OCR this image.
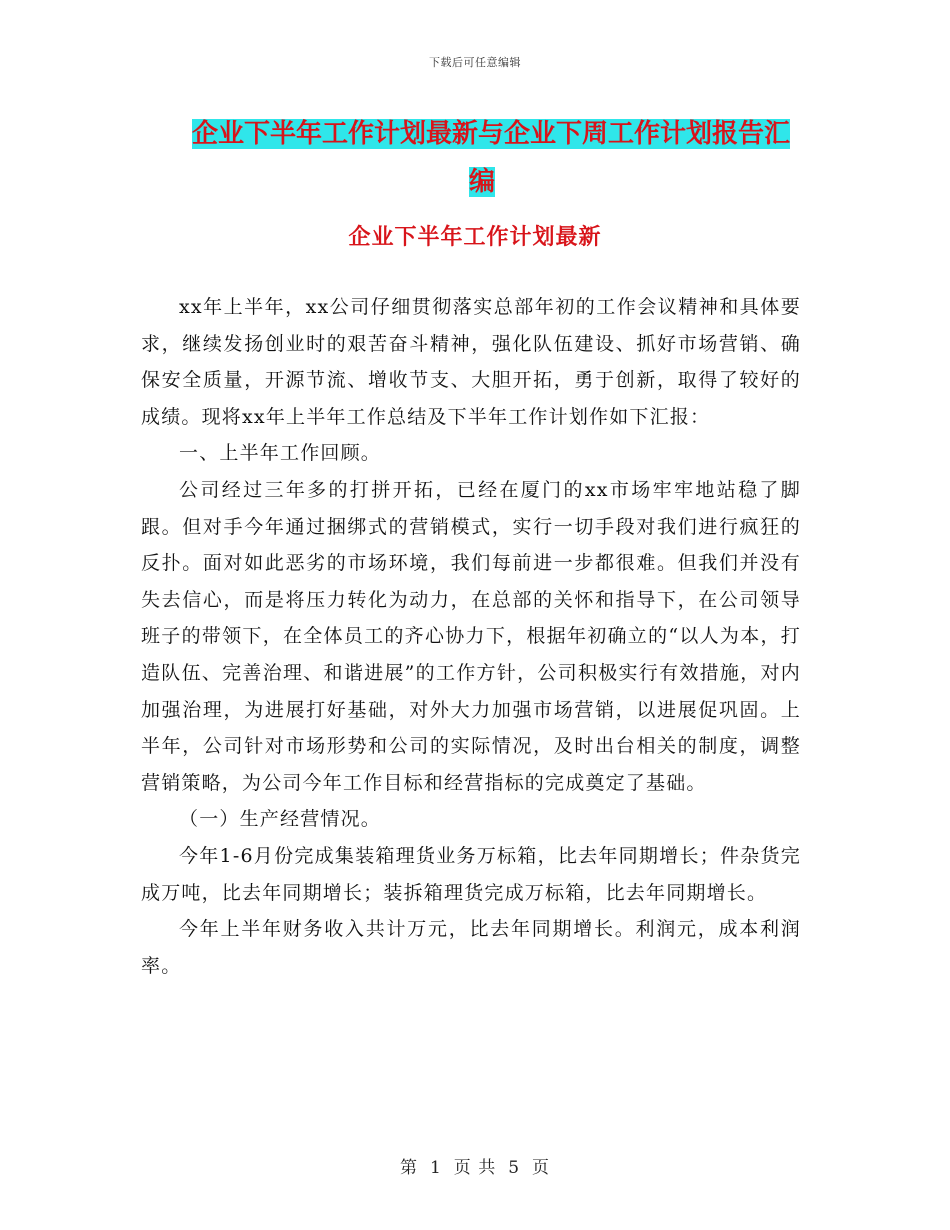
下载后可任意编辑
企业下半年工作计划最新与企业下周工作计划报告汇
编
企业下半年工作计划最新

xx年上半年，xx公司仔细贯彻落实总部年初的工作会议精神和具体要求，继续发扬创业时的艰苦奋斗精神，强化队伍建设、抓好市场营销、确保安全质量，开源节流、增收节支、大胆开拓，勇于创新，取得了较好的成绩。现将xx年上半年工作总结及下半年工作计划作如下汇报：

一、上半年工作回顾。

公司经过三年多的打拼开拓，已经在厦门的xx市场牢牢地站稳了脚跟。但对手今年通过捆绑式的营销模式，实行一切手段对我们进行疯狂的反扑。面对如此恶劣的市场环境，我们每前进一步都很难。但我们并没有失去信心，而是将压力转化为动力，在总部的关怀和指导下，在公司领导班子的带领下，在全体员工的齐心协力下，根据年初确立的“以人为本，打造队伍、完善治理、和谐进展”的工作方针，公司积极实行有效措施，对内加强治理，为进展打好基础，对外大力加强市场营销，以进展促巩固。上半年，公司针对市场形势和公司的实际情况，及时出台相关的制度，调整营销策略，为公司今年工作目标和经营指标的完成奠定了基础。

（一）生产经营情况。

今年1-6月份完成集装箱理货业务万标箱，比去年同期增长；件杂货完成万吨，比去年同期增长；装拆箱理货完成万标箱，比去年同期增长。

今年上半年财务收入共计万元，比去年同期增长。利润元，成本利润率。

第 1 页 共 5 页
